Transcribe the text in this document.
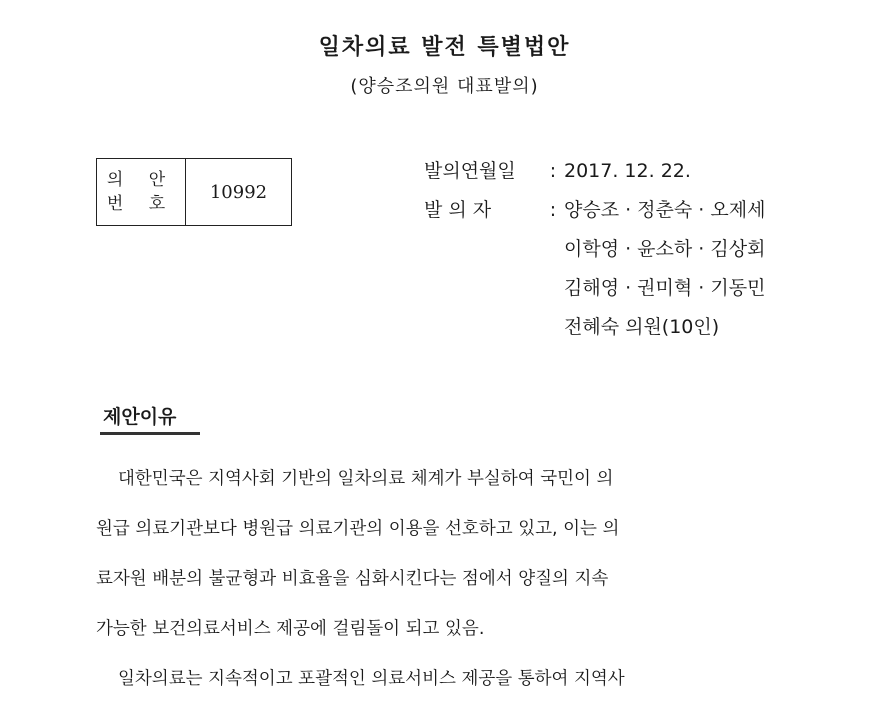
일차의료 발전 특별법안
(양승조의원 대표발의)
의 안
번 호
10992
발의연월일	: 2017. 12. 22.
발 의 자	: 양승조 · 정춘숙 · 오제세
이학영 · 윤소하 · 김상회
김해영 · 권미혁 · 기동민
전혜숙 의원(10인)
제안이유
대한민국은 지역사회 기반의 일차의료 체계가 부실하여 국민이 의
원급 의료기관보다 병원급 의료기관의 이용을 선호하고 있고, 이는 의
료자원 배분의 불균형과 비효율을 심화시킨다는 점에서 양질의 지속
가능한 보건의료서비스 제공에 걸림돌이 되고 있음.
일차의료는 지속적이고 포괄적인 의료서비스 제공을 통하여 지역사
